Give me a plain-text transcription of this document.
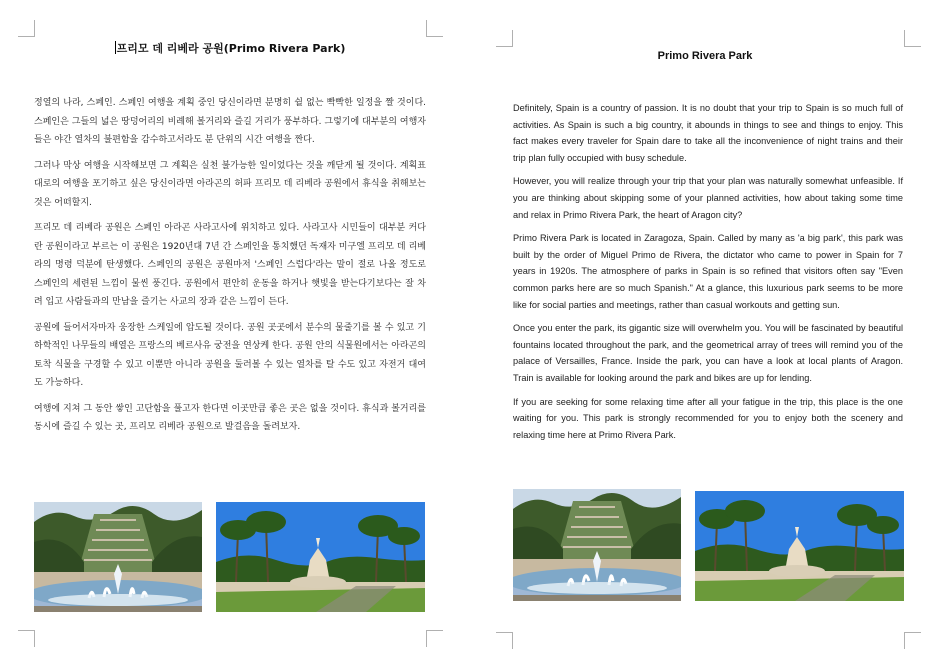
프리모 데 리베라 공원(Primo Rivera Park)

정열의 나라, 스페인. 스페인 여행을 계획 중인 당신이라면 분명히 쉴 없는 빡빡한 일정을 짤 것이다. 스페인은 그들의 넓은 땅덩어리의 비례해 볼거리와 즐길 거리가 풍부하다. 그렇기에 대부분의 여행자들은 야간 열차의 불편함을 감수하고서라도 분 단위의 시간 여행을 짠다.

그러나 막상 여행을 시작해보면 그 계획은 실천 불가능한 일이었다는 것을 깨닫게 될 것이다. 계획표 대로의 여행을 포기하고 싶은 당신이라면 아라곤의 허파 프리모 데 리베라 공원에서 휴식을 취해보는 것은 어떠할지.

프리모 데 리베라 공원은 스페인 아라곤 사라고사에 위치하고 있다. 사라고사 시민들이 대부분 커다란 공원이라고 부르는 이 공원은 1920년대 7년 간 스페인을 통치했던 독재자 미구엘 프리모 데 리베라의 명령 덕분에 탄생했다. 스페인의 공원은 공원마저 '스페인 스럽다'라는 말이 절로 나올 정도로 스페인의 세련된 느낌이 물씬 풍긴다. 공원에서 편안히 운동을 하거나 햇빛을 받는다기보다는 잘 차려 입고 사람들과의 만남을 즐기는 사교의 장과 같은 느낌이 든다.

공원에 들어서자마자 웅장한 스케일에 압도될 것이다. 공원 곳곳에서 분수의 물줄기를 볼 수 있고 기하학적인 나무들의 배열은 프랑스의 베르사유 궁전을 연상케 한다. 공원 안의 식물원에서는 아라곤의 토착 식물을 구경할 수 있고 이뿐만 아니라 공원을 둘러볼 수 있는 열차를 탈 수도 있고 자전거 대여도 가능하다.

여행에 지쳐 그 동안 쌓인 고단함을 풀고자 한다면 이곳만큼 좋은 곳은 없을 것이다. 휴식과 볼거리를 동시에 즐길 수 있는 곳, 프리모 리베라 공원으로 발걸음을 돌려보자.

Primo Rivera Park

Definitely, Spain is a country of passion. It is no doubt that your trip to Spain is so much full of activities. As Spain is such a big country, it abounds in things to see and things to enjoy. This fact makes every traveler for Spain dare to take all the inconvenience of night trains and their trip plan fully occupied with busy schedule.

However, you will realize through your trip that your plan was naturally somewhat unfeasible. If you are thinking about skipping some of your planned activities, how about taking some time and relax in Primo Rivera Park, the heart of Aragon city?

Primo Rivera Park is located in Zaragoza, Spain. Called by many as 'a big park', this park was built by the order of Miguel Primo de Rivera, the dictator who came to power in Spain for 7 years in 1920s. The atmosphere of parks in Spain is so refined that visitors often say "Even common parks here are so much Spanish." At a glance, this luxurious park seems to be more like for social parties and meetings, rather than casual workouts and getting sun.

Once you enter the park, its gigantic size will overwhelm you. You will be fascinated by beautiful fountains located throughout the park, and the geometrical array of trees will remind you of the palace of Versailles, France. Inside the park, you can have a look at local plants of Aragon. Train is available for looking around the park and bikes are up for lending.

If you are seeking for some relaxing time after all your fatigue in the trip, this place is the one waiting for you. This park is strongly recommended for you to enjoy both the scenery and relaxing time here at Primo Rivera Park.
